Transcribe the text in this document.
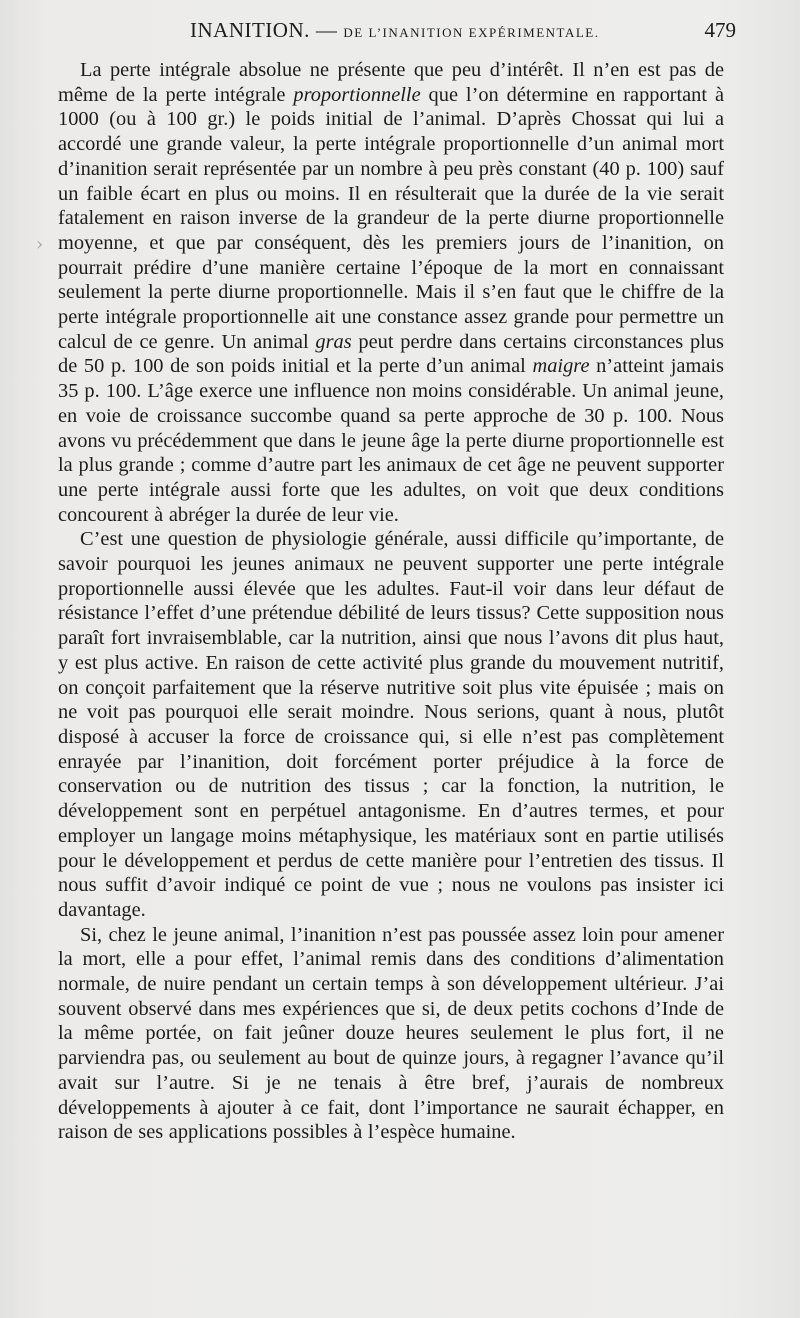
INANITION. — DE L’INANITION EXPÉRIMENTALE.	479

La perte intégrale absolue ne présente que peu d’intérêt. Il n’en est pas de même de la perte intégrale proportionnelle que l’on détermine en rapportant à 1000 (ou à 100 gr.) le poids initial de l’animal. D’après Chossat qui lui a accordé une grande valeur, la perte intégrale proportionnelle d’un animal mort d’inanition serait représentée par un nombre à peu près constant (40 p. 100) sauf un faible écart en plus ou moins. Il en résulterait que la durée de la vie serait fatalement en raison inverse de la grandeur de la perte diurne proportionnelle moyenne, et que par conséquent, dès les premiers jours de l’inanition, on pourrait prédire d’une manière certaine l’époque de la mort en connaissant seulement la perte diurne proportionnelle. Mais il s’en faut que le chiffre de la perte intégrale proportionnelle ait une constance assez grande pour permettre un calcul de ce genre. Un animal gras peut perdre dans certains circonstances plus de 50 p. 100 de son poids initial et la perte d’un animal maigre n’atteint jamais 35 p. 100. L’âge exerce une influence non moins considérable. Un animal jeune, en voie de croissance succombe quand sa perte approche de 30 p. 100. Nous avons vu précédemment que dans le jeune âge la perte diurne proportionnelle est la plus grande ; comme d’autre part les animaux de cet âge ne peuvent supporter une perte intégrale aussi forte que les adultes, on voit que deux conditions concourent à abréger la durée de leur vie.

C’est une question de physiologie générale, aussi difficile qu’importante, de savoir pourquoi les jeunes animaux ne peuvent supporter une perte intégrale proportionnelle aussi élevée que les adultes. Faut-il voir dans leur défaut de résistance l’effet d’une prétendue débilité de leurs tissus? Cette supposition nous paraît fort invraisemblable, car la nutrition, ainsi que nous l’avons dit plus haut, y est plus active. En raison de cette activité plus grande du mouvement nutritif, on conçoit parfaitement que la réserve nutritive soit plus vite épuisée ; mais on ne voit pas pourquoi elle serait moindre. Nous serions, quant à nous, plutôt disposé à accuser la force de croissance qui, si elle n’est pas complètement enrayée par l’inanition, doit forcément porter préjudice à la force de conservation ou de nutrition des tissus ; car la fonction, la nutrition, le développement sont en perpétuel antagonisme. En d’autres termes, et pour employer un langage moins métaphysique, les matériaux sont en partie utilisés pour le développement et perdus de cette manière pour l’entretien des tissus. Il nous suffit d’avoir indiqué ce point de vue ; nous ne voulons pas insister ici davantage.

Si, chez le jeune animal, l’inanition n’est pas poussée assez loin pour amener la mort, elle a pour effet, l’animal remis dans des conditions d’alimentation normale, de nuire pendant un certain temps à son développement ultérieur. J’ai souvent observé dans mes expériences que si, de deux petits cochons d’Inde de la même portée, on fait jeûner douze heures seulement le plus fort, il ne parviendra pas, ou seulement au bout de quinze jours, à regagner l’avance qu’il avait sur l’autre. Si je ne tenais à être bref, j’aurais de nombreux développements à ajouter à ce fait, dont l’importance ne saurait échapper, en raison de ses applications possibles à l’espèce humaine.

›
